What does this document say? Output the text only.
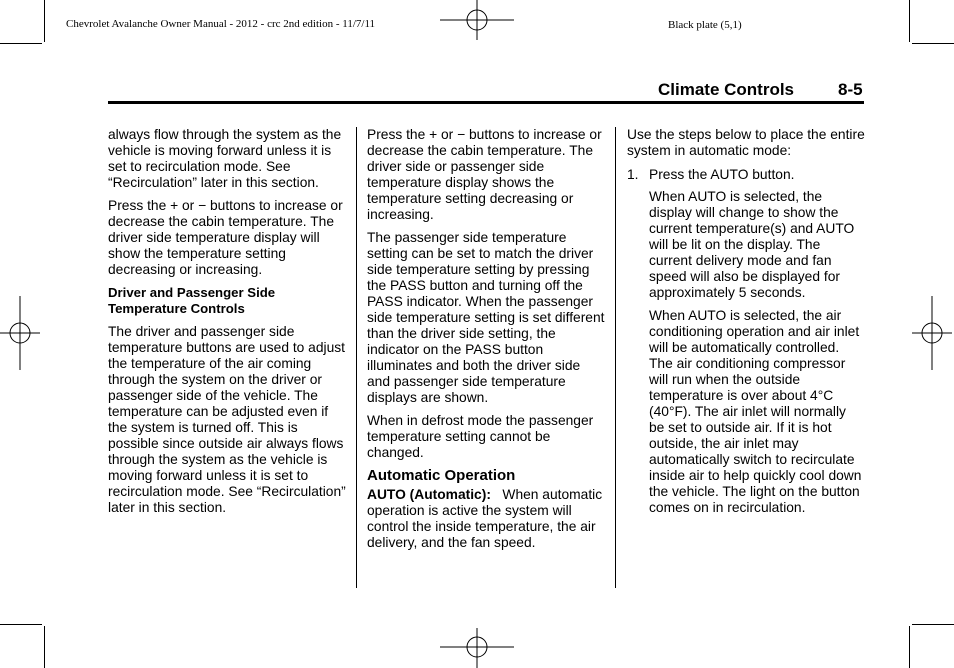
Chevrolet Avalanche Owner Manual - 2012 - crc 2nd edition - 11/7/11	Black plate (5,1)
Climate Controls	8-5

always flow through the system as the vehicle is moving forward unless it is set to recirculation mode. See “Recirculation” later in this section.

Press the + or − buttons to increase or decrease the cabin temperature. The driver side temperature display will show the temperature setting decreasing or increasing.

Driver and Passenger Side Temperature Controls

The driver and passenger side temperature buttons are used to adjust the temperature of the air coming through the system on the driver or passenger side of the vehicle. The temperature can be adjusted even if the system is turned off. This is possible since outside air always flows through the system as the vehicle is moving forward unless it is set to recirculation mode. See “Recirculation” later in this section.

Press the + or − buttons to increase or decrease the cabin temperature. The driver side or passenger side temperature display shows the temperature setting decreasing or increasing.

The passenger side temperature setting can be set to match the driver side temperature setting by pressing the PASS button and turning off the PASS indicator. When the passenger side temperature setting is set different than the driver side setting, the indicator on the PASS button illuminates and both the driver side and passenger side temperature displays are shown.

When in defrost mode the passenger temperature setting cannot be changed.

Automatic Operation

AUTO (Automatic): When automatic operation is active the system will control the inside temperature, the air delivery, and the fan speed.

Use the steps below to place the entire system in automatic mode:

1. Press the AUTO button.

When AUTO is selected, the display will change to show the current temperature(s) and AUTO will be lit on the display. The current delivery mode and fan speed will also be displayed for approximately 5 seconds.

When AUTO is selected, the air conditioning operation and air inlet will be automatically controlled. The air conditioning compressor will run when the outside temperature is over about 4°C (40°F). The air inlet will normally be set to outside air. If it is hot outside, the air inlet may automatically switch to recirculate inside air to help quickly cool down the vehicle. The light on the button comes on in recirculation.
